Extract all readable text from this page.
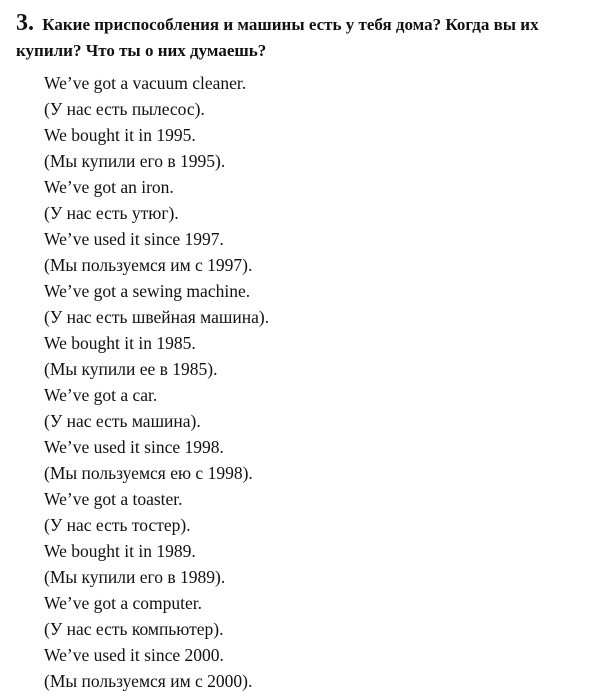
3. Какие приспособления и машины есть у тебя дома? Когда вы их купили? Что ты о них думаешь?
We’ve got a vacuum cleaner.
(У нас есть пылесос).
We bought it in 1995.
(Мы купили его в 1995).
We’ve got an iron.
(У нас есть утюг).
We’ve used it since 1997.
(Мы пользуемся им с 1997).
We’ve got a sewing machine.
(У нас есть швейная машина).
We bought it in 1985.
(Мы купили ее в 1985).
We’ve got a car.
(У нас есть машина).
We’ve used it since 1998.
(Мы пользуемся ею с 1998).
We’ve got a toaster.
(У нас есть тостер).
We bought it in 1989.
(Мы купили его в 1989).
We’ve got a computer.
(У нас есть компьютер).
We’ve used it since 2000.
(Мы пользуемся им с 2000).
